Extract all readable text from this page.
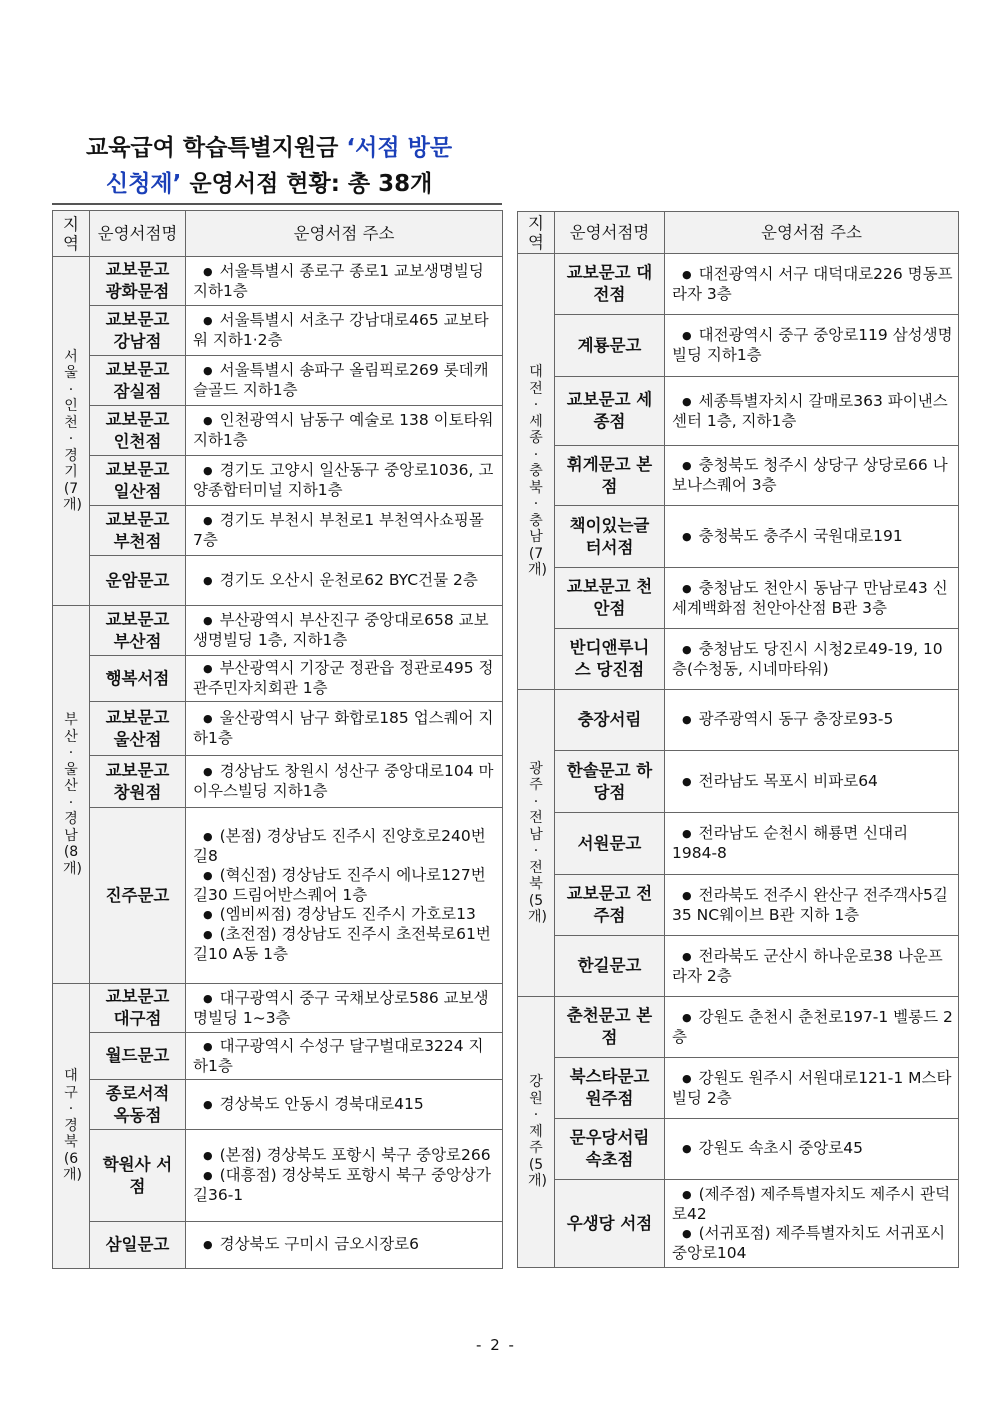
교육급여 학습특별지원금 ‘서점 방문
신청제’ 운영서점 현황: 총 38개
지역	운영서점명	운영서점 주소
서울·인천·경기(7개)	교보문고 광화문점	● 서울특별시 종로구 종로1 교보생명빌딩 지하1층

	교보문고 강남점	● 서울특별시 서초구 강남대로465 교보타워 지하1·2층

	교보문고 잠실점	● 서울특별시 송파구 올림픽로269 롯데캐슬골드 지하1층

	교보문고 인천점	● 인천광역시 남동구 예술로 138 이토타워 지하1층

	교보문고 일산점	● 경기도 고양시 일산동구 중앙로1036, 고양종합터미널 지하1층

	교보문고 부천점	● 경기도 부천시 부천로1 부천역사쇼핑몰 7층

	운암문고	● 경기도 오산시 운천로62 BYC건물 2층

부산·울산·경남(8개)	교보문고 부산점	● 부산광역시 부산진구 중앙대로658 교보생명빌딩 1층, 지하1층

	행복서점	● 부산광역시 기장군 정관읍 정관로495 정관주민자치회관 1층

	교보문고 울산점	● 울산광역시 남구 화합로185 업스퀘어 지하1층

	교보문고 창원점	● 경상남도 창원시 성산구 중앙대로104 마이우스빌딩 지하1층

	진주문고	● (본점) 경상남도 진주시 진양호로240번길8
● (혁신점) 경상남도 진주시 에나로127번길30 드림어반스퀘어 1층
● (엠비씨점) 경상남도 진주시 가호로13
● (초전점) 경상남도 진주시 초전북로61번길10 A동 1층

대구·경북(6개)	교보문고 대구점	● 대구광역시 중구 국채보상로586 교보생명빌딩 1~3층

	월드문고	● 대구광역시 수성구 달구벌대로3224 지하1층

	종로서적 옥동점	● 경상북도 안동시 경북대로415

	학원사 서점	● (본점) 경상북도 포항시 북구 중앙로266
● (대흥점) 경상북도 포항시 북구 중앙상가길36-1

	삼일문고	● 경상북도 구미시 금오시장로6
지역	운영서점명	운영서점 주소
대전·세종·충북·충남(7개)	교보문고 대전점	● 대전광역시 서구 대덕대로226 명동프라자 3층

	계룡문고	● 대전광역시 중구 중앙로119 삼성생명빌딩 지하1층

	교보문고 세종점	● 세종특별자치시 갈매로363 파이낸스센터 1층, 지하1층

	휘게문고 본점	● 충청북도 청주시 상당구 상당로66 나보나스퀘어 3층

	책이있는글 터서점	● 충청북도 충주시 국원대로191

	교보문고 천안점	● 충청남도 천안시 동남구 만남로43 신세계백화점 천안아산점 B관 3층

	반디앤루니 스 당진점	● 충청남도 당진시 시청2로49-19, 10층(수청동, 시네마타워)

광주·전남·전북(5개)	충장서림	● 광주광역시 동구 충장로93-5

	한솔문고 하당점	● 전라남도 목포시 비파로64

	서원문고	● 전라남도 순천시 해룡면 신대리1984-8

	교보문고 전주점	● 전라북도 전주시 완산구 전주객사5길35 NC웨이브 B관 지하 1층

	한길문고	● 전라북도 군산시 하나운로38 나운프라자 2층

강원·제주(5개)	춘천문고 본점	● 강원도 춘천시 춘천로197-1 벨롱드 2층

	북스타문고 원주점	● 강원도 원주시 서원대로121-1 M스타빌딩 2층

	문우당서림 속초점	● 강원도 속초시 중앙로45

	우생당 서점	● (제주점) 제주특별자치도 제주시 관덕로42
● (서귀포점) 제주특별자치도 서귀포시 중앙로104
- 2 -
